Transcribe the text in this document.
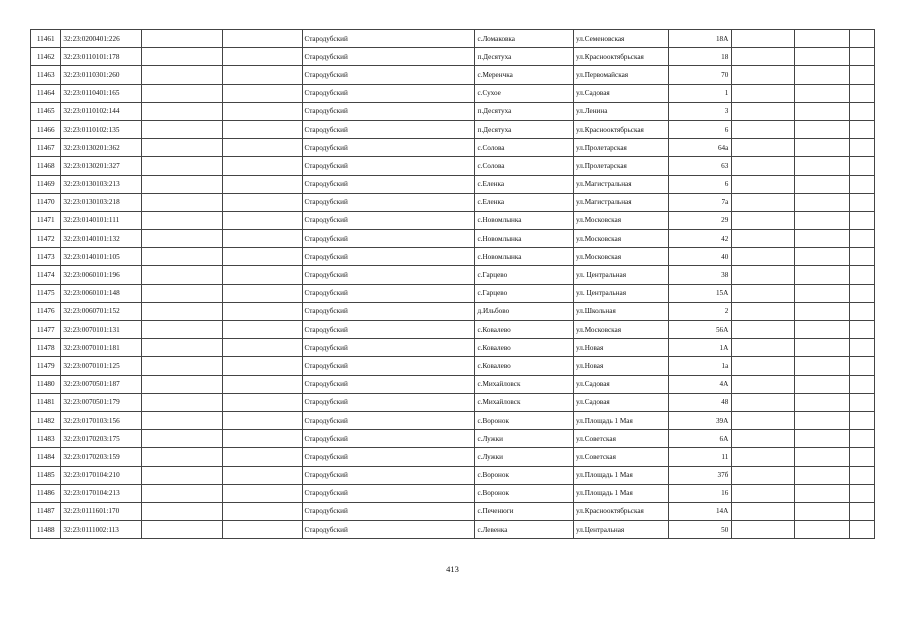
11461	32:23:0200401:226			Стародубский	с.Ломаковка	ул.Семеновская	18А			
11462	32:23:0110101:178			Стародубский	п.Десятуха	ул.Красноoктябрьская	18			
11463	32:23:0110301:260			Стародубский	с.Меренчка	ул.Первомайская	70			
11464	32:23:0110401:165			Стародубский	с.Сухое	ул.Садовая	1			
11465	32:23:0110102:144			Стародубский	п.Десятуха	ул.Ленина	3			
11466	32:23:0110102:135			Стародубский	п.Десятуха	ул.Красноoктябрьская	6			
11467	32:23:0130201:362			Стародубский	с.Солова	ул.Пролетарская	64а			
11468	32:23:0130201:327			Стародубский	с.Солова	ул.Пролетарская	63			
11469	32:23:0130103:213			Стародубский	с.Еленка	ул.Магистральная	6			
11470	32:23:0130103:218			Стародубский	с.Еленка	ул.Магистральная	7а			
11471	32:23:0140101:111			Стародубский	с.Новомлынка	ул.Московская	29			
11472	32:23:0140101:132			Стародубский	с.Новомлынка	ул.Московская	42			
11473	32:23:0140101:105			Стародубский	с.Новомлынка	ул.Московская	40			
11474	32:23:0060101:196			Стародубский	с.Гарцево	ул. Центральная	38			
11475	32:23:0060101:148			Стародубский	с.Гарцево	ул. Центральная	15А			
11476	32:23:0060701:152			Стародубский	д.Ильбово	ул.Школьная	2			
11477	32:23:0070101:131			Стародубский	с.Ковалево	ул.Московская	56А			
11478	32:23:0070101:181			Стародубский	с.Ковалево	ул.Новая	1А			
11479	32:23:0070101:125			Стародубский	с.Ковалево	ул.Новая	1а			
11480	32:23:0070501:187			Стародубский	с.Михайловск	ул.Садовая	4А			
11481	32:23:0070501:179			Стародубский	с.Михайловск	ул.Садовая	48			
11482	32:23:0170103:156			Стародубский	с.Воронок	ул.Площадь 1 Мая	39А			
11483	32:23:0170203:175			Стародубский	с.Лужки	ул.Советская	6А			
11484	32:23:0170203:159			Стародубский	с.Лужки	ул.Советская	11			
11485	32:23:0170104:210			Стародубский	с.Воронок	ул.Площадь 1 Мая	37б			
11486	32:23:0170104:213			Стародубский	с.Воронок	ул.Площадь 1 Мая	16			
11487	32:23:0111601:170			Стародубский	с.Печенюги	ул.Красноoктябрьская	14А			
11488	32:23:0111002:113			Стародубский	с.Левенка	ул.Центральная	50			
413
